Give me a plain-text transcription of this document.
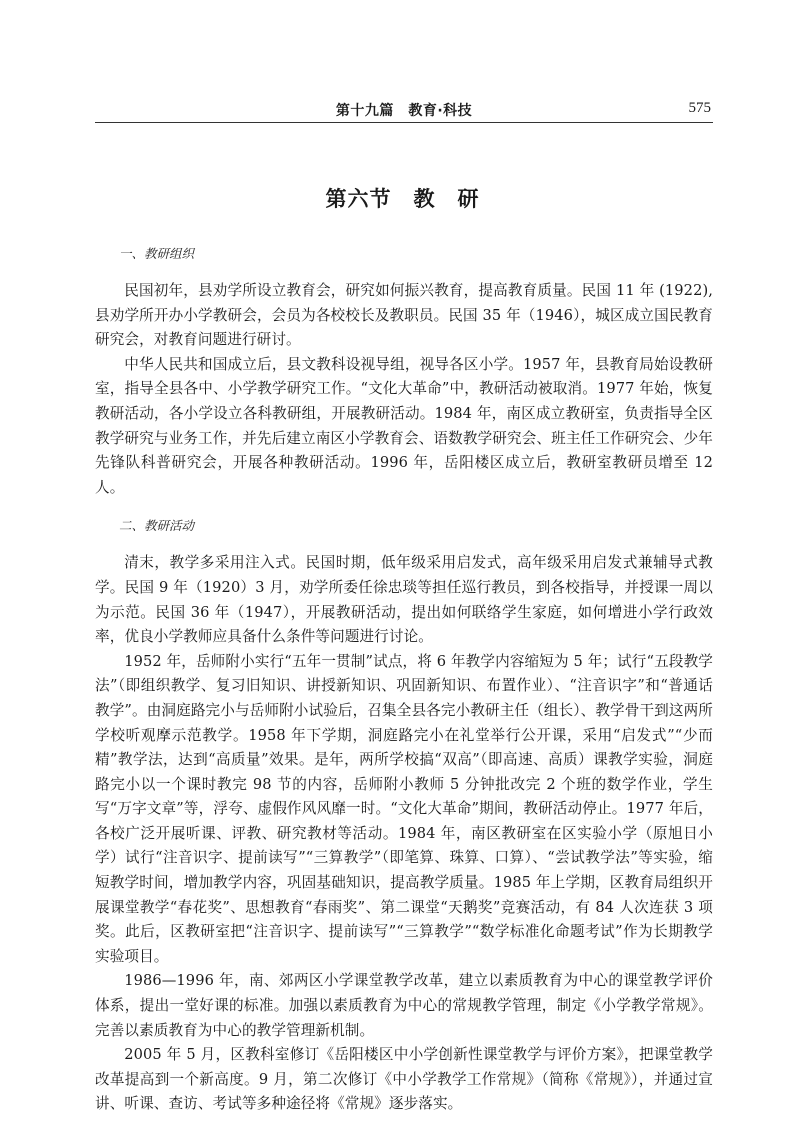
第十九篇　教育·科技	575
第六节　教　研
一、教研组织

民国初年，县劝学所设立教育会，研究如何振兴教育，提高教育质量。民国 11 年 (1922), 县劝学所开办小学教研会，会员为各校校长及教职员。民国 35 年（1946），城区成立国民教育研究会，对教育问题进行研讨。

中华人民共和国成立后，县文教科设视导组，视导各区小学。1957 年，县教育局始设教研室，指导全县各中、小学教学研究工作。“文化大革命”中，教研活动被取消。1977 年始，恢复教研活动，各小学设立各科教研组，开展教研活动。1984 年，南区成立教研室，负责指导全区教学研究与业务工作，并先后建立南区小学教育会、语数教学研究会、班主任工作研究会、少年先锋队科普研究会，开展各种教研活动。1996 年，岳阳楼区成立后，教研室教研员增至 12 人。

二、教研活动

清末，教学多采用注入式。民国时期，低年级采用启发式，高年级采用启发式兼辅导式教学。民国 9 年（1920）3 月，劝学所委任徐忠琰等担任巡行教员，到各校指导，并授课一周以为示范。民国 36 年（1947），开展教研活动，提出如何联络学生家庭，如何增进小学行政效率，优良小学教师应具备什么条件等问题进行讨论。

1952 年，岳师附小实行“五年一贯制”试点，将 6 年教学内容缩短为 5 年；试行“五段教学法”（即组织教学、复习旧知识、讲授新知识、巩固新知识、布置作业）、“注音识字”和“普通话教学”。由洞庭路完小与岳师附小试验后，召集全县各完小教研主任（组长）、教学骨干到这两所学校听观摩示范教学。1958 年下学期，洞庭路完小在礼堂举行公开课，采用“启发式”“少而精”教学法，达到“高质量”效果。是年，两所学校搞“双高”（即高速、高质）课教学实验，洞庭路完小以一个课时教完 98 节的内容，岳师附小教师 5 分钟批改完 2 个班的数学作业，学生写“万字文章”等，浮夸、虚假作风风靡一时。“文化大革命”期间，教研活动停止。1977 年后，各校广泛开展听课、评教、研究教材等活动。1984 年，南区教研室在区实验小学（原旭日小学）试行“注音识字、提前读写”“三算教学”（即笔算、珠算、口算）、“尝试教学法”等实验，缩短教学时间，增加教学内容，巩固基础知识，提高教学质量。1985 年上学期，区教育局组织开展课堂教学“春花奖”、思想教育“春雨奖”、第二课堂“天鹅奖”竞赛活动，有 84 人次连获 3 项奖。此后，区教研室把“注音识字、提前读写”“三算教学”“数学标准化命题考试”作为长期教学实验项目。

1986—1996 年，南、郊两区小学课堂教学改革，建立以素质教育为中心的课堂教学评价体系，提出一堂好课的标准。加强以素质教育为中心的常规教学管理，制定《小学教学常规》。完善以素质教育为中心的教学管理新机制。

2005 年 5 月，区教科室修订《岳阳楼区中小学创新性课堂教学与评价方案》，把课堂教学改革提高到一个新高度。9 月，第二次修订《中小学教学工作常规》（简称《常规》），并通过宣讲、听课、查访、考试等多种途径将《常规》逐步落实。
